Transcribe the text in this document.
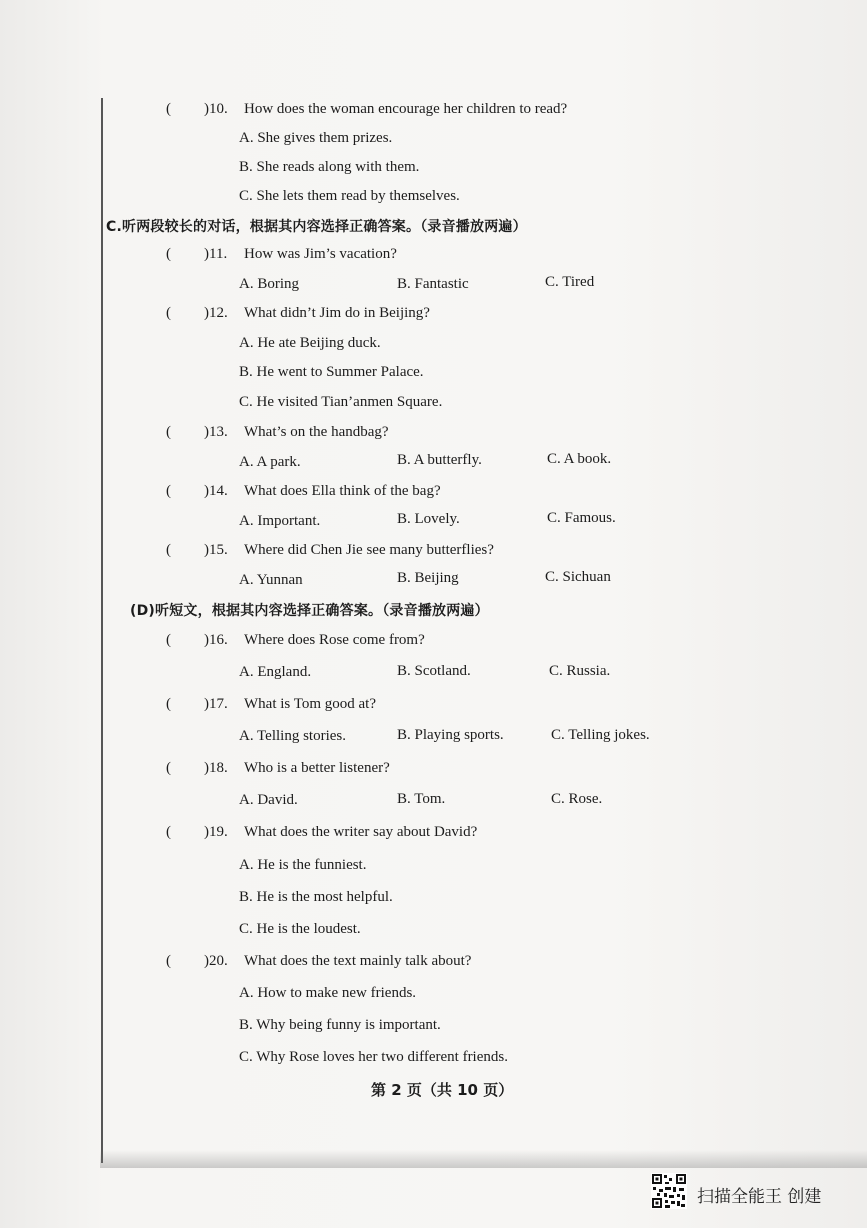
( )10. How does the woman encourage her children to read?
A. She gives them prizes.
B. She reads along with them.
C. She lets them read by themselves.
C.听两段较长的对话，根据其内容选择正确答案。（录音播放两遍）
( )11. How was Jim’s vacation?
A. Boring	B. Fantastic	C. Tired
( )12. What didn’t Jim do in Beijing?
A. He ate Beijing duck.
B. He went to Summer Palace.
C. He visited Tian’anmen Square.
( )13. What’s on the handbag?
A. A park.	B. A butterfly.	C. A book.
( )14. What does Ella think of the bag?
A. Important.	B. Lovely.	C. Famous.
( )15. Where did Chen Jie see many butterflies?
A. Yunnan	B. Beijing	C. Sichuan
(D)听短文，根据其内容选择正确答案。（录音播放两遍）
( )16. Where does Rose come from?
A. England.	B. Scotland.	C. Russia.
( )17. What is Tom good at?
A. Telling stories.	B. Playing sports.	C. Telling jokes.
( )18. Who is a better listener?
A. David.	B. Tom.	C. Rose.
( )19. What does the writer say about David?
A. He is the funniest.
B. He is the most helpful.
C. He is the loudest.
( )20. What does the text mainly talk about?
A. How to make new friends.
B. Why being funny is important.
C. Why Rose loves her two different friends.
第 2 页（共 10 页）
扫描全能王 创建
